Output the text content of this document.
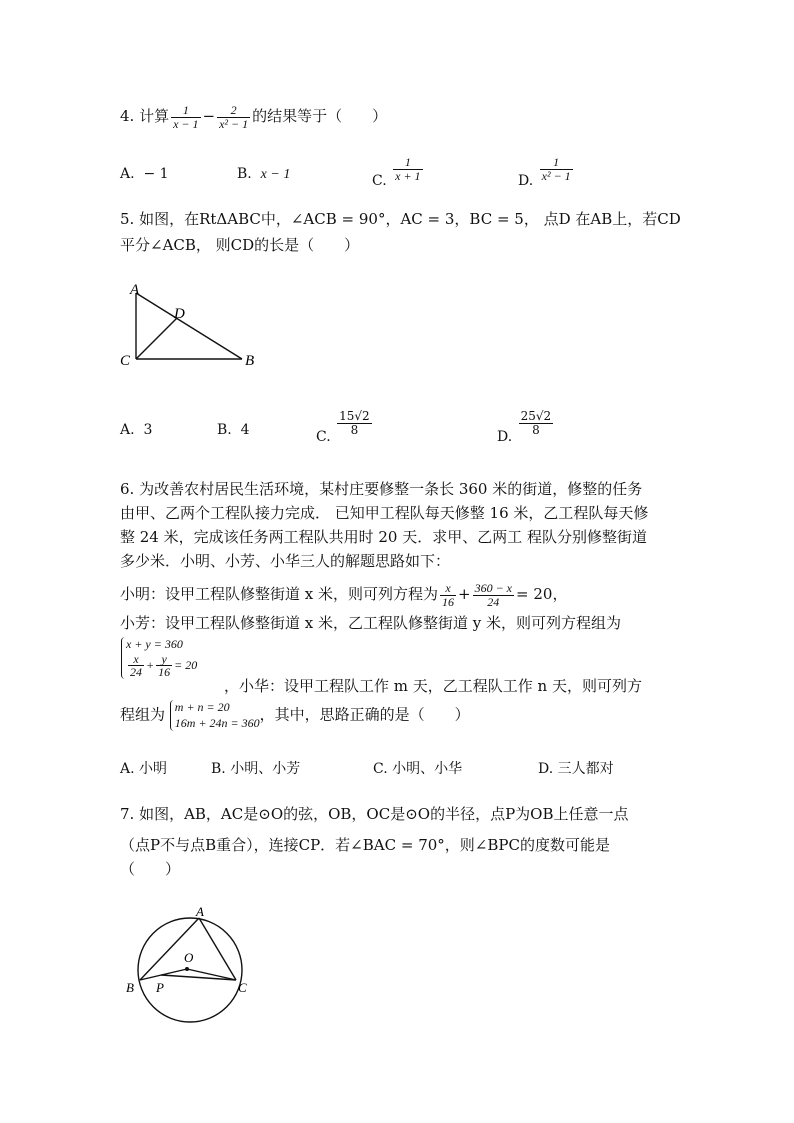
4. 计算 $\frac{1}{x - 1} - \frac{2}{\text{x² − 1}}$ 的结果等于（　　）
A. − 1	B. x − 1	C. $\frac{1}{x + 1}$	D. $\frac{1}{\text{x² − 1}}$
5. 如图，在RtΔABC中，∠ACB = 90°，AC = 3，BC = 5， 点D 在AB上，若CD
平分∠ACB， 则CD的长是（　　）
A
D
C	B
A. 3	B. 4	C.
$\frac{15√2}{8}$
D.
$\frac{25√2}{8}$
6. 为改善农村居民生活环境，某村庄要修整一条长 360 米的街道，修整的任务
由甲、乙两个工程队接力完成． 已知甲工程队每天修整 16 米，乙工程队每天修
整 24 米，完成该任务两工程队共用时 20 天．求甲、乙两工 程队分别修整街道
多少米．小明、小芳、小华三人的解题思路如下：
小明：设甲工程队修整街道 x 米，则可列方程为 $\frac{x}{16} + \frac{360 - x}{24} = 20$，
小芳：设甲工程队修整街道 x 米，乙工程队修整街道 y 米，则可列方程组为
x + y = 360
$\frac{x}{24} + \frac{y}{16} = 20$
，小华：设甲工程队工作 m 天，乙工程队工作 n 天，则可列方
程组为 m + n = 20
16m + 24n = 360 ，其中，思路正确的是（　　）
A. 小明	B. 小明、小芳	C. 小明、小华	D. 三人都对
7. 如图，AB，AC是⊙O的弦，OB，OC是⊙O的半径，点P为OB上任意一点
（点P不与点B重合），连接CP．若∠BAC = 70°，则∠BPC的度数可能是
（　　）
A
O
B P	C
